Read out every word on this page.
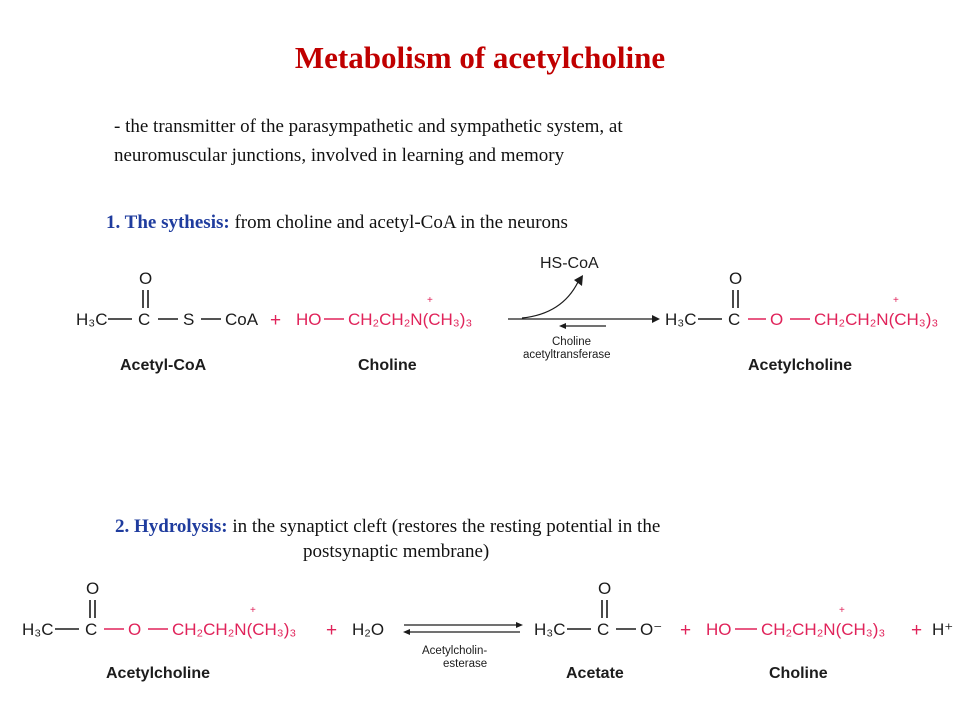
Metabolism of acetylcholine
- the transmitter of the parasympathetic and sympathetic system, at
neuromuscular junctions, involved in learning and memory
1. The sythesis: from choline and acetyl-CoA in the neurons
O
H₃C C S CoA
Acetyl-CoA
+ HO CH₂CH₂N(CH₃)₃
+
Choline
HS-CoA
Choline
acetyltransferase
O
H₃C C O CH₂CH₂N(CH₃)₃
+
Acetylcholine
2. Hydrolysis: in the synaptict cleft (restores the resting potential in the
postsynaptic membrane)
O
H₃C C O CH₂CH₂N(CH₃)₃
+
Acetylcholine
+ H₂O
Acetylcholin-
esterase
O
H₃C C O⁻
Acetate
+ HO CH₂CH₂N(CH₃)₃
+
Choline
+ H⁺
